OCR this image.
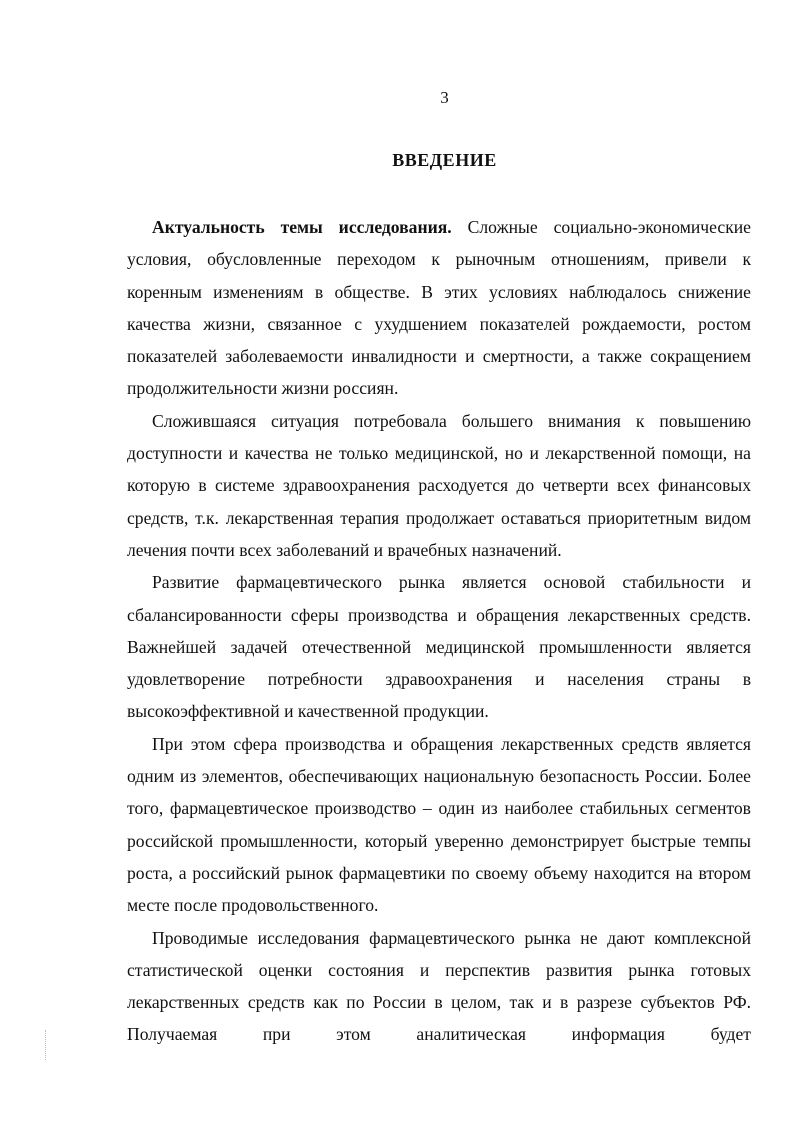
3
ВВЕДЕНИЕ

Актуальность темы исследования. Сложные социально-экономические условия, обусловленные переходом к рыночным отношениям, привели к коренным изменениям в обществе. В этих условиях наблюдалось снижение качества жизни, связанное с ухудшением показателей рождаемости, ростом показателей заболеваемости инвалидности и смертности, а также сокращением продолжительности жизни россиян.

Сложившаяся ситуация потребовала большего внимания к повышению доступности и качества не только медицинской, но и лекарственной помощи, на которую в системе здравоохранения расходуется до четверти всех финансовых средств, т.к. лекарственная терапия продолжает оставаться приоритетным видом лечения почти всех заболеваний и врачебных назначений.

Развитие фармацевтического рынка является основой стабильности и сбалансированности сферы производства и обращения лекарственных средств. Важнейшей задачей отечественной медицинской промышленности является удовлетворение потребности здравоохранения и населения страны в высокоэффективной и качественной продукции.

При этом сфера производства и обращения лекарственных средств является одним из элементов, обеспечивающих национальную безопасность России. Более того, фармацевтическое производство – один из наиболее стабильных сегментов российской промышленности, который уверенно демонстрирует быстрые темпы роста, а российский рынок фармацевтики по своему объему находится на втором месте после продовольственного.

Проводимые исследования фармацевтического рынка не дают комплексной статистической оценки состояния и перспектив развития рынка готовых лекарственных средств как по России в целом, так и в разрезе субъектов РФ. Получаемая при этом аналитическая информация будет
